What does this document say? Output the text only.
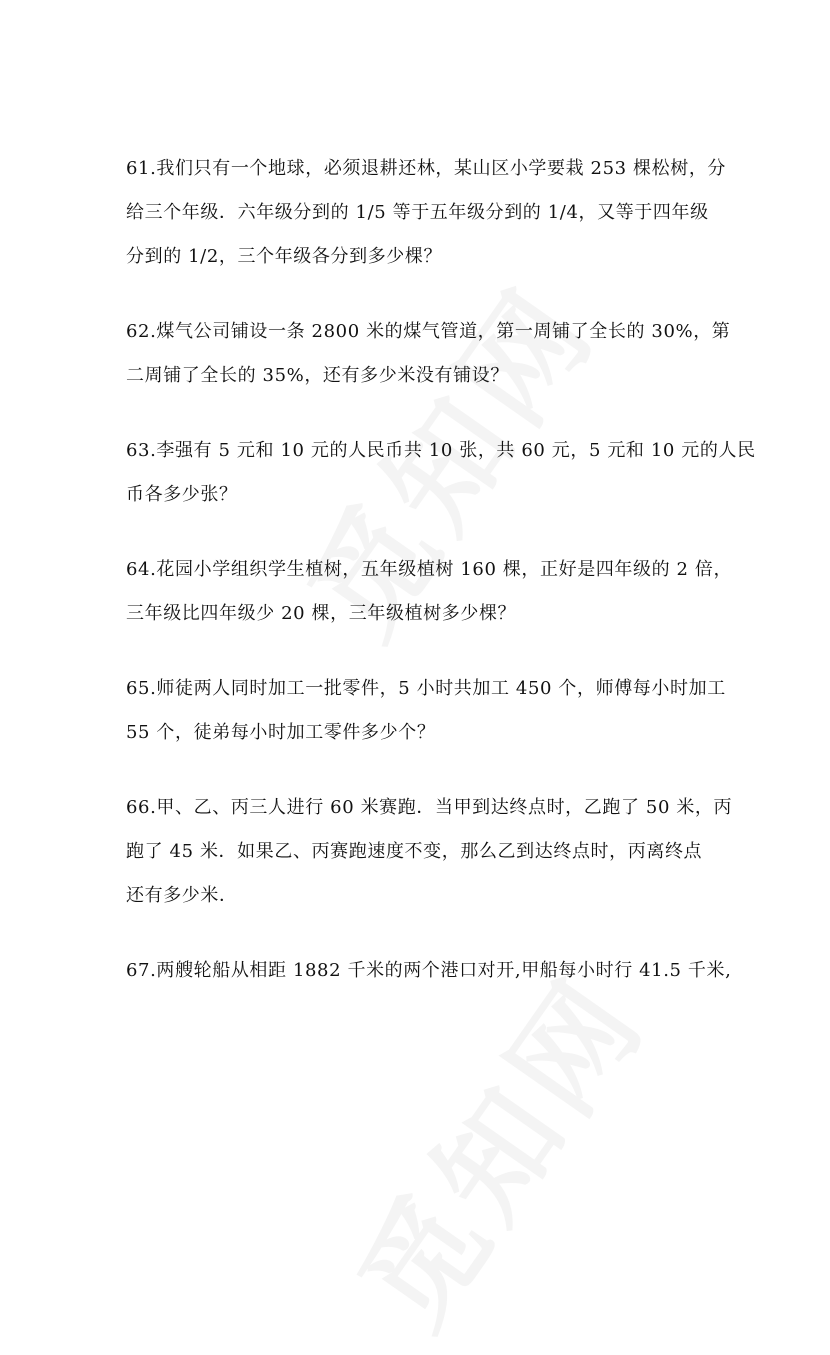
61.我们只有一个地球，必须退耕还林，某山区小学要栽 253 棵松树，分
给三个年级．六年级分到的 1/5 等于五年级分到的 1/4，又等于四年级
分到的 1/2，三个年级各分到多少棵？
62.煤气公司铺设一条 2800 米的煤气管道，第一周铺了全长的 30%，第
二周铺了全长的 35%，还有多少米没有铺设？
63.李强有 5 元和 10 元的人民币共 10 张，共 60 元，5 元和 10 元的人民
币各多少张？
64.花园小学组织学生植树，五年级植树 160 棵，正好是四年级的 2 倍，
三年级比四年级少 20 棵，三年级植树多少棵？
65.师徒两人同时加工一批零件，5 小时共加工 450 个，师傅每小时加工
55 个，徒弟每小时加工零件多少个？
66.甲、乙、丙三人进行 60 米赛跑．当甲到达终点时，乙跑了 50 米，丙
跑了 45 米．如果乙、丙赛跑速度不变，那么乙到达终点时，丙离终点
还有多少米．
67.两艘轮船从相距 1882 千米的两个港口对开,甲船每小时行 41.5 千米,
